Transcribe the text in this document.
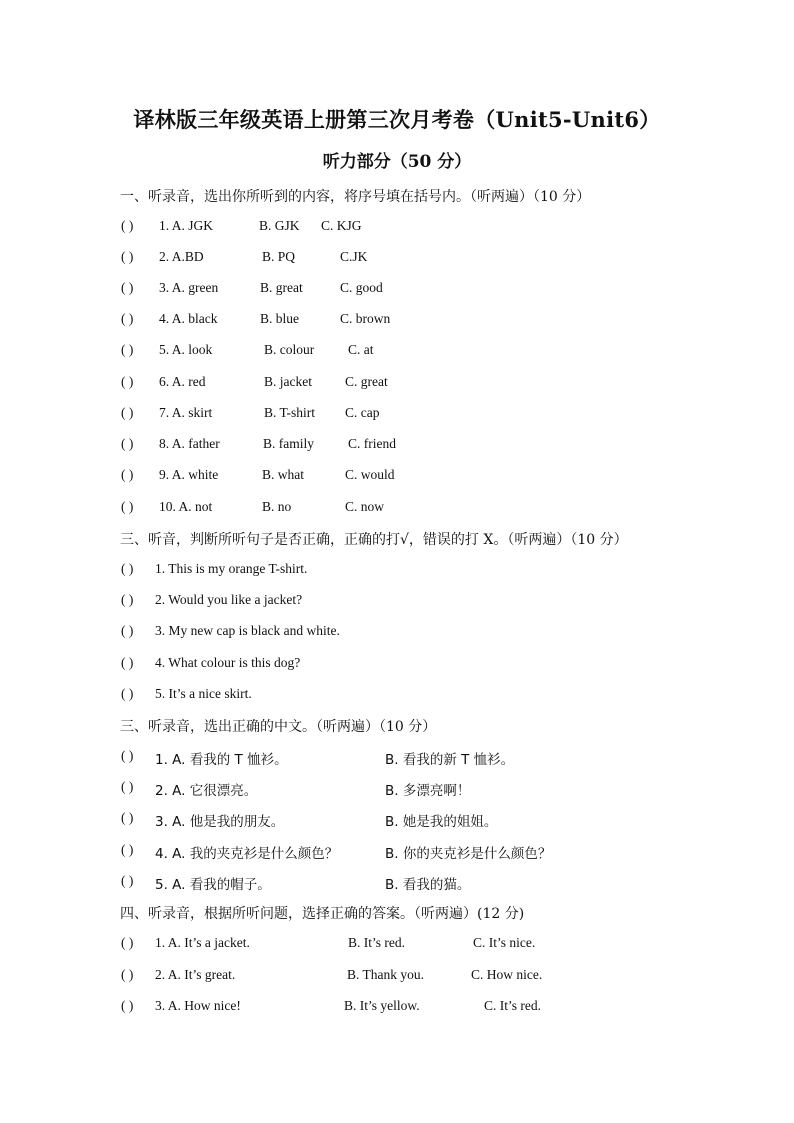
译林版三年级英语上册第三次月考卷（Unit5-Unit6）
听力部分（50 分）
一、听录音，选出你所听到的内容，将序号填在括号内。（听两遍）（10 分）
( ) 1. A. JGK	B. GJK C. KJG
( ) 2. A.BD	B. PQ	C.JK
( ) 3. A. green	B. great	C. good
( ) 4. A. black	B. blue	C. brown
( ) 5. A. look	B. colour	C. at
( ) 6. A. red	B. jacket C. great
( ) 7. A. skirt	B. T-shirt C. cap
( ) 8. A. father	B. family	C. friend
( ) 9. A. white	B. what	C. would
( ) 10. A. not	B. no	C. now
三、听音，判断所听句子是否正确，正确的打√，错误的打 X。（听两遍）（10 分）
( ) 1. This is my orange T-shirt.
( ) 2. Would you like a jacket?
( ) 3. My new cap is black and white.
( ) 4. What colour is this dog?
( ) 5. It’s a nice skirt.
三、听录音，选出正确的中文。（听两遍）（10 分）
( ) 1. A. 看我的 T 恤衫。	B. 看我的新 T 恤衫。
( ) 2. A. 它很漂亮。	B. 多漂亮啊！
( ) 3. A. 他是我的朋友。	B. 她是我的姐姐。
( ) 4. A. 我的夹克衫是什么颜色？	B. 你的夹克衫是什么颜色？
( ) 5. A. 看我的帽子。	B. 看我的猫。
四、听录音，根据所听问题，选择正确的答案。（听两遍）(12 分)
( ) 1. A. It’s a jacket.	B. It’s red.	C. It’s nice.
( ) 2. A. It’s great.	B. Thank you.	C. How nice.
( ) 3. A. How nice!	B. It’s yellow.	C. It’s red.
